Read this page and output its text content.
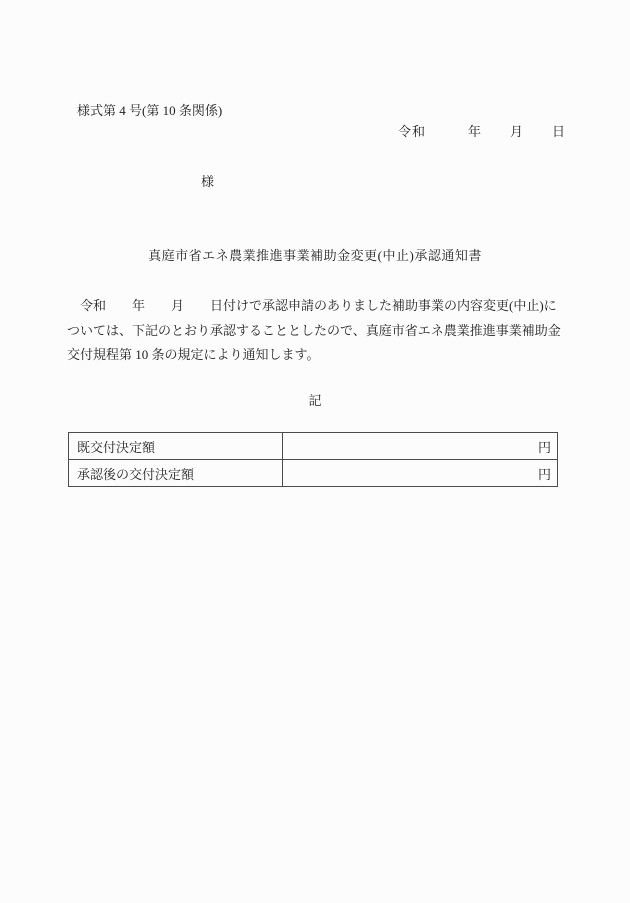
様式第 4 号(第 10 条関係)
令和　　　年　　月　　日
様
真庭市省エネ農業推進事業補助金変更(中止)承認通知書
　令和　　年　　月　　日付けで承認申請のありました補助事業の内容変更(中止)に
ついては、下記のとおり承認することとしたので、真庭市省エネ農業推進事業補助金
交付規程第 10 条の規定により通知します。
記
既交付決定額	円
承認後の交付決定額	円
